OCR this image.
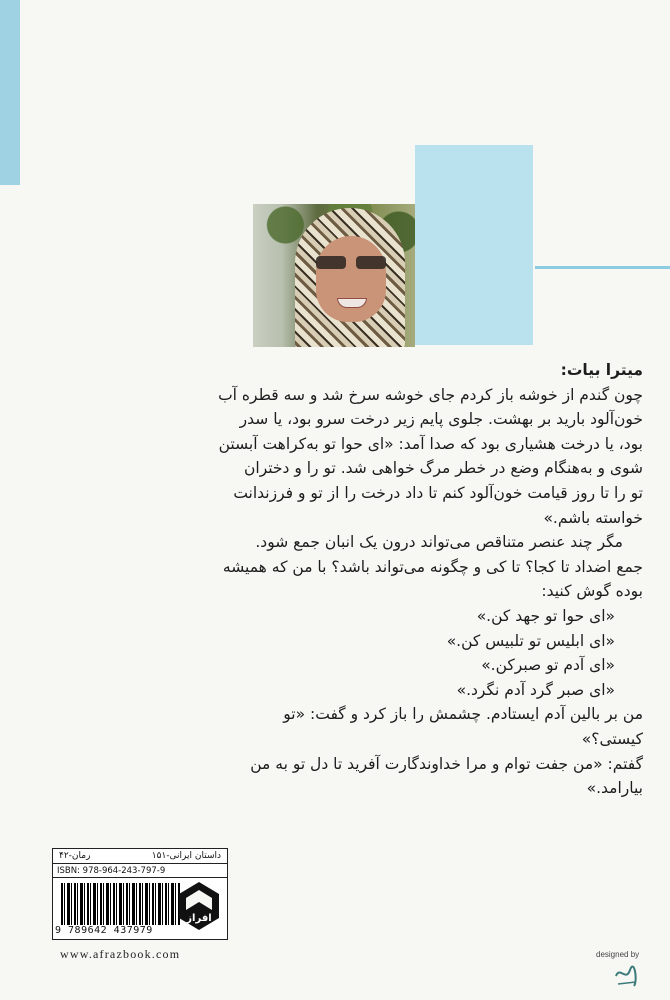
میترا بیات:
چون گندم از خوشه باز کردم جای خوشه سرخ شد و سه قطره آب
خون‌آلود بارید بر بهشت. جلوی پایم زیر درخت سرو بود، یا سدر
بود، یا درخت هشیاری بود که صدا آمد: «ای حوا تو به‌کراهت آبستن
شوی و به‌هنگام وضع در خطر مرگ خواهی شد. تو را و دختران
تو را تا روز قیامت خون‌آلود کنم تا داد درخت را از تو و فرزندانت
خواسته باشم.»
مگر چند عنصر متناقص می‌تواند درون یک انبان جمع شود.
جمع اضداد تا کجا؟ تا کی و چگونه می‌تواند باشد؟ با من که همیشه
بوده گوش کنید:
«ای حوا تو جهد کن.»
«ای ابلیس تو تلبیس کن.»
«ای آدم تو صبرکن.»
«ای صبر گرد آدم نگرد.»
من بر بالین آدم ایستادم. چشمش را باز کرد و گفت: «تو
کیستی؟»
گفتم: «من جفت توام و مرا خداوندگارت آفرید تا دل تو به من
بیارامد.»
داستان ایرانی-۱۵۱
رمان-۴۲
ISBN: 978-964-243-797-9
9 789642 437979
افراز
www.afrazbook.com	designed by
